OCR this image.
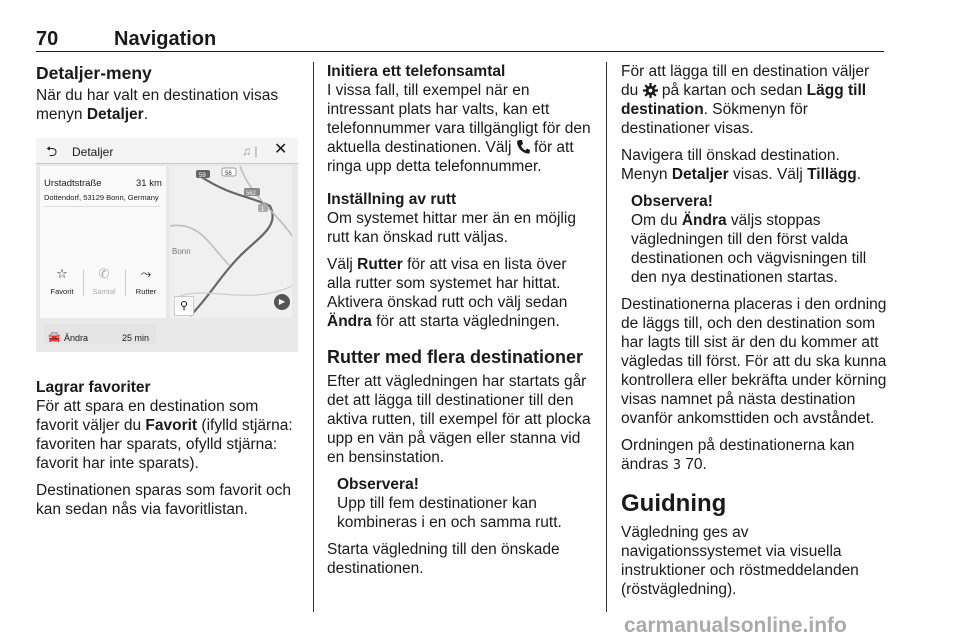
70	Navigation
Detaljer-meny

När du har valt en destination visas menyn Detaljer.

⮌ Detaljer	♫ | ✕
Urstadtstraße	31 km
Dottendorf, 53129 Bonn, Germany
☆
Favorit
✆
Samtal
⤳
Rutter
🚘 Ändra	25 min
59	56
562
1
Bonn
▶
⚲
Lagrar favoriter

För att spara en destination som favorit väljer du Favorit (ifylld stjärna: favoriten har sparats, ofylld stjärna: favorit har inte sparats).

Destinationen sparas som favorit och kan sedan nås via favoritlistan.

Initiera ett telefonsamtal

I vissa fall, till exempel när en intressant plats har valts, kan ett telefonnummer vara tillgängligt för den aktuella destinationen. Välj  för att ringa upp detta telefonnummer.

Inställning av rutt

Om systemet hittar mer än en möjlig rutt kan önskad rutt väljas.

Välj Rutter för att visa en lista över alla rutter som systemet har hittat. Aktivera önskad rutt och välj sedan Ändra för att starta vägledningen.

Rutter med flera destinationer

Efter att vägledningen har startats går det att lägga till destinationer till den aktiva rutten, till exempel för att plocka upp en vän på vägen eller stanna vid en bensinstation.

Observera!

Upp till fem destinationer kan kombineras i en och samma rutt.

Starta vägledning till den önskade destinationen.

För att lägga till en destination väljer du  på kartan och sedan Lägg till destination. Sökmenyn för destinationer visas.

Navigera till önskad destination. Menyn Detaljer visas. Välj Tillägg.

Observera!

Om du Ändra väljs stoppas vägledningen till den först valda destinationen och vägvisningen till den nya destinationen startas.

Destinationerna placeras i den ordning de läggs till, och den destination som har lagts till sist är den du kommer att vägledas till först. För att du ska kunna kontrollera eller bekräfta under körning visas namnet på nästa destination ovanför ankomsttiden och avståndet.

Ordningen på destinationerna kan ändras 3 70.

Guidning

Vägledning ges av navigationssystemet via visuella instruktioner och röstmeddelanden (röstvägledning).

carmanualsonline.info
